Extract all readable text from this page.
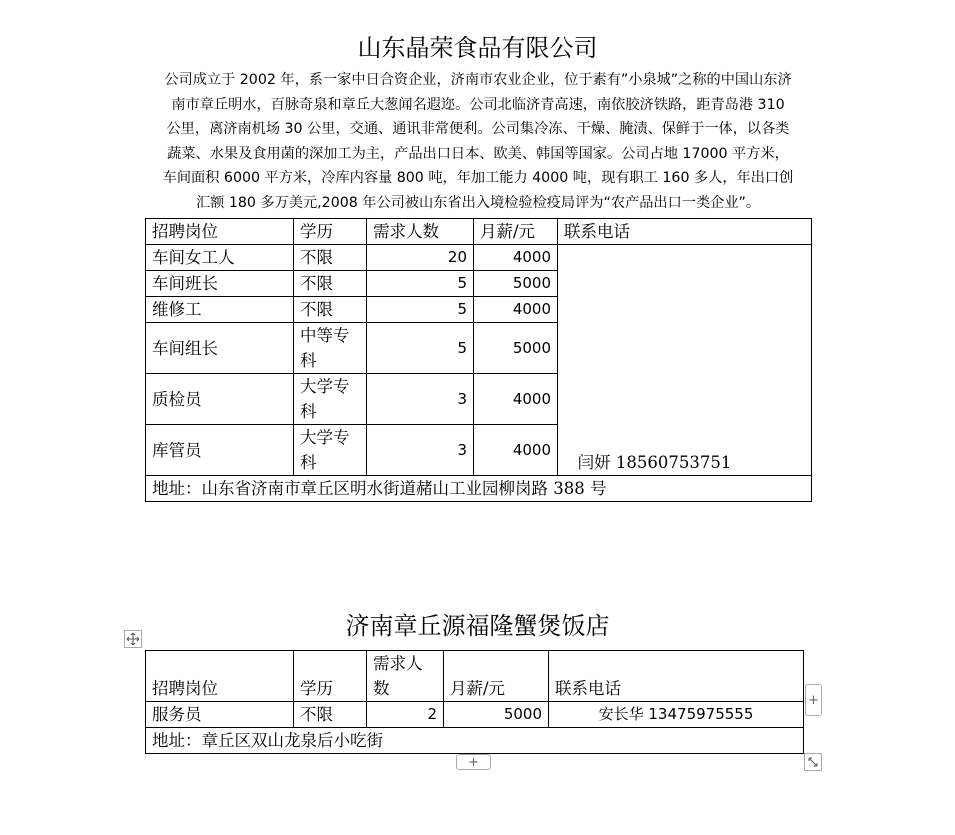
山东晶荣食品有限公司
公司成立于 2002 年，系一家中日合资企业，济南市农业企业，位于素有”小泉城”之称的中国山东济
南市章丘明水，百脉奇泉和章丘大葱闻名遐迩。公司北临济青高速，南依胶济铁路，距青岛港 310
公里，离济南机场 30 公里，交通、通讯非常便利。公司集冷冻、干燥、腌渍、保鲜于一体，以各类
蔬菜、水果及食用菌的深加工为主，产品出口日本、欧美、韩国等国家。公司占地 17000 平方米，
车间面积 6000 平方米，冷库内容量 800 吨，年加工能力 4000 吨，现有职工 160 多人，年出口创
汇额 180 多万美元,2008 年公司被山东省出入境检验检疫局评为“农产品出口一类企业”。
招聘岗位	学历	需求人数	月薪/元	联系电话
车间女工人	不限	20	4000	闫妍 18560753751
车间班长	不限	5	5000	
维修工	不限	5	4000	
车间组长	中等专科	5	5000	
质检员	大学专科	3	4000	
库管员	大学专科	3	4000	
地址：山东省济南市章丘区明水街道赭山工业园柳岗路 388 号				
济南章丘源福隆蟹煲饭店
招聘岗位	学历	需求人数	月薪/元	联系电话
服务员	不限	2	5000	安长华 13475975555
地址：章丘区双山龙泉后小吃街				
+
+
